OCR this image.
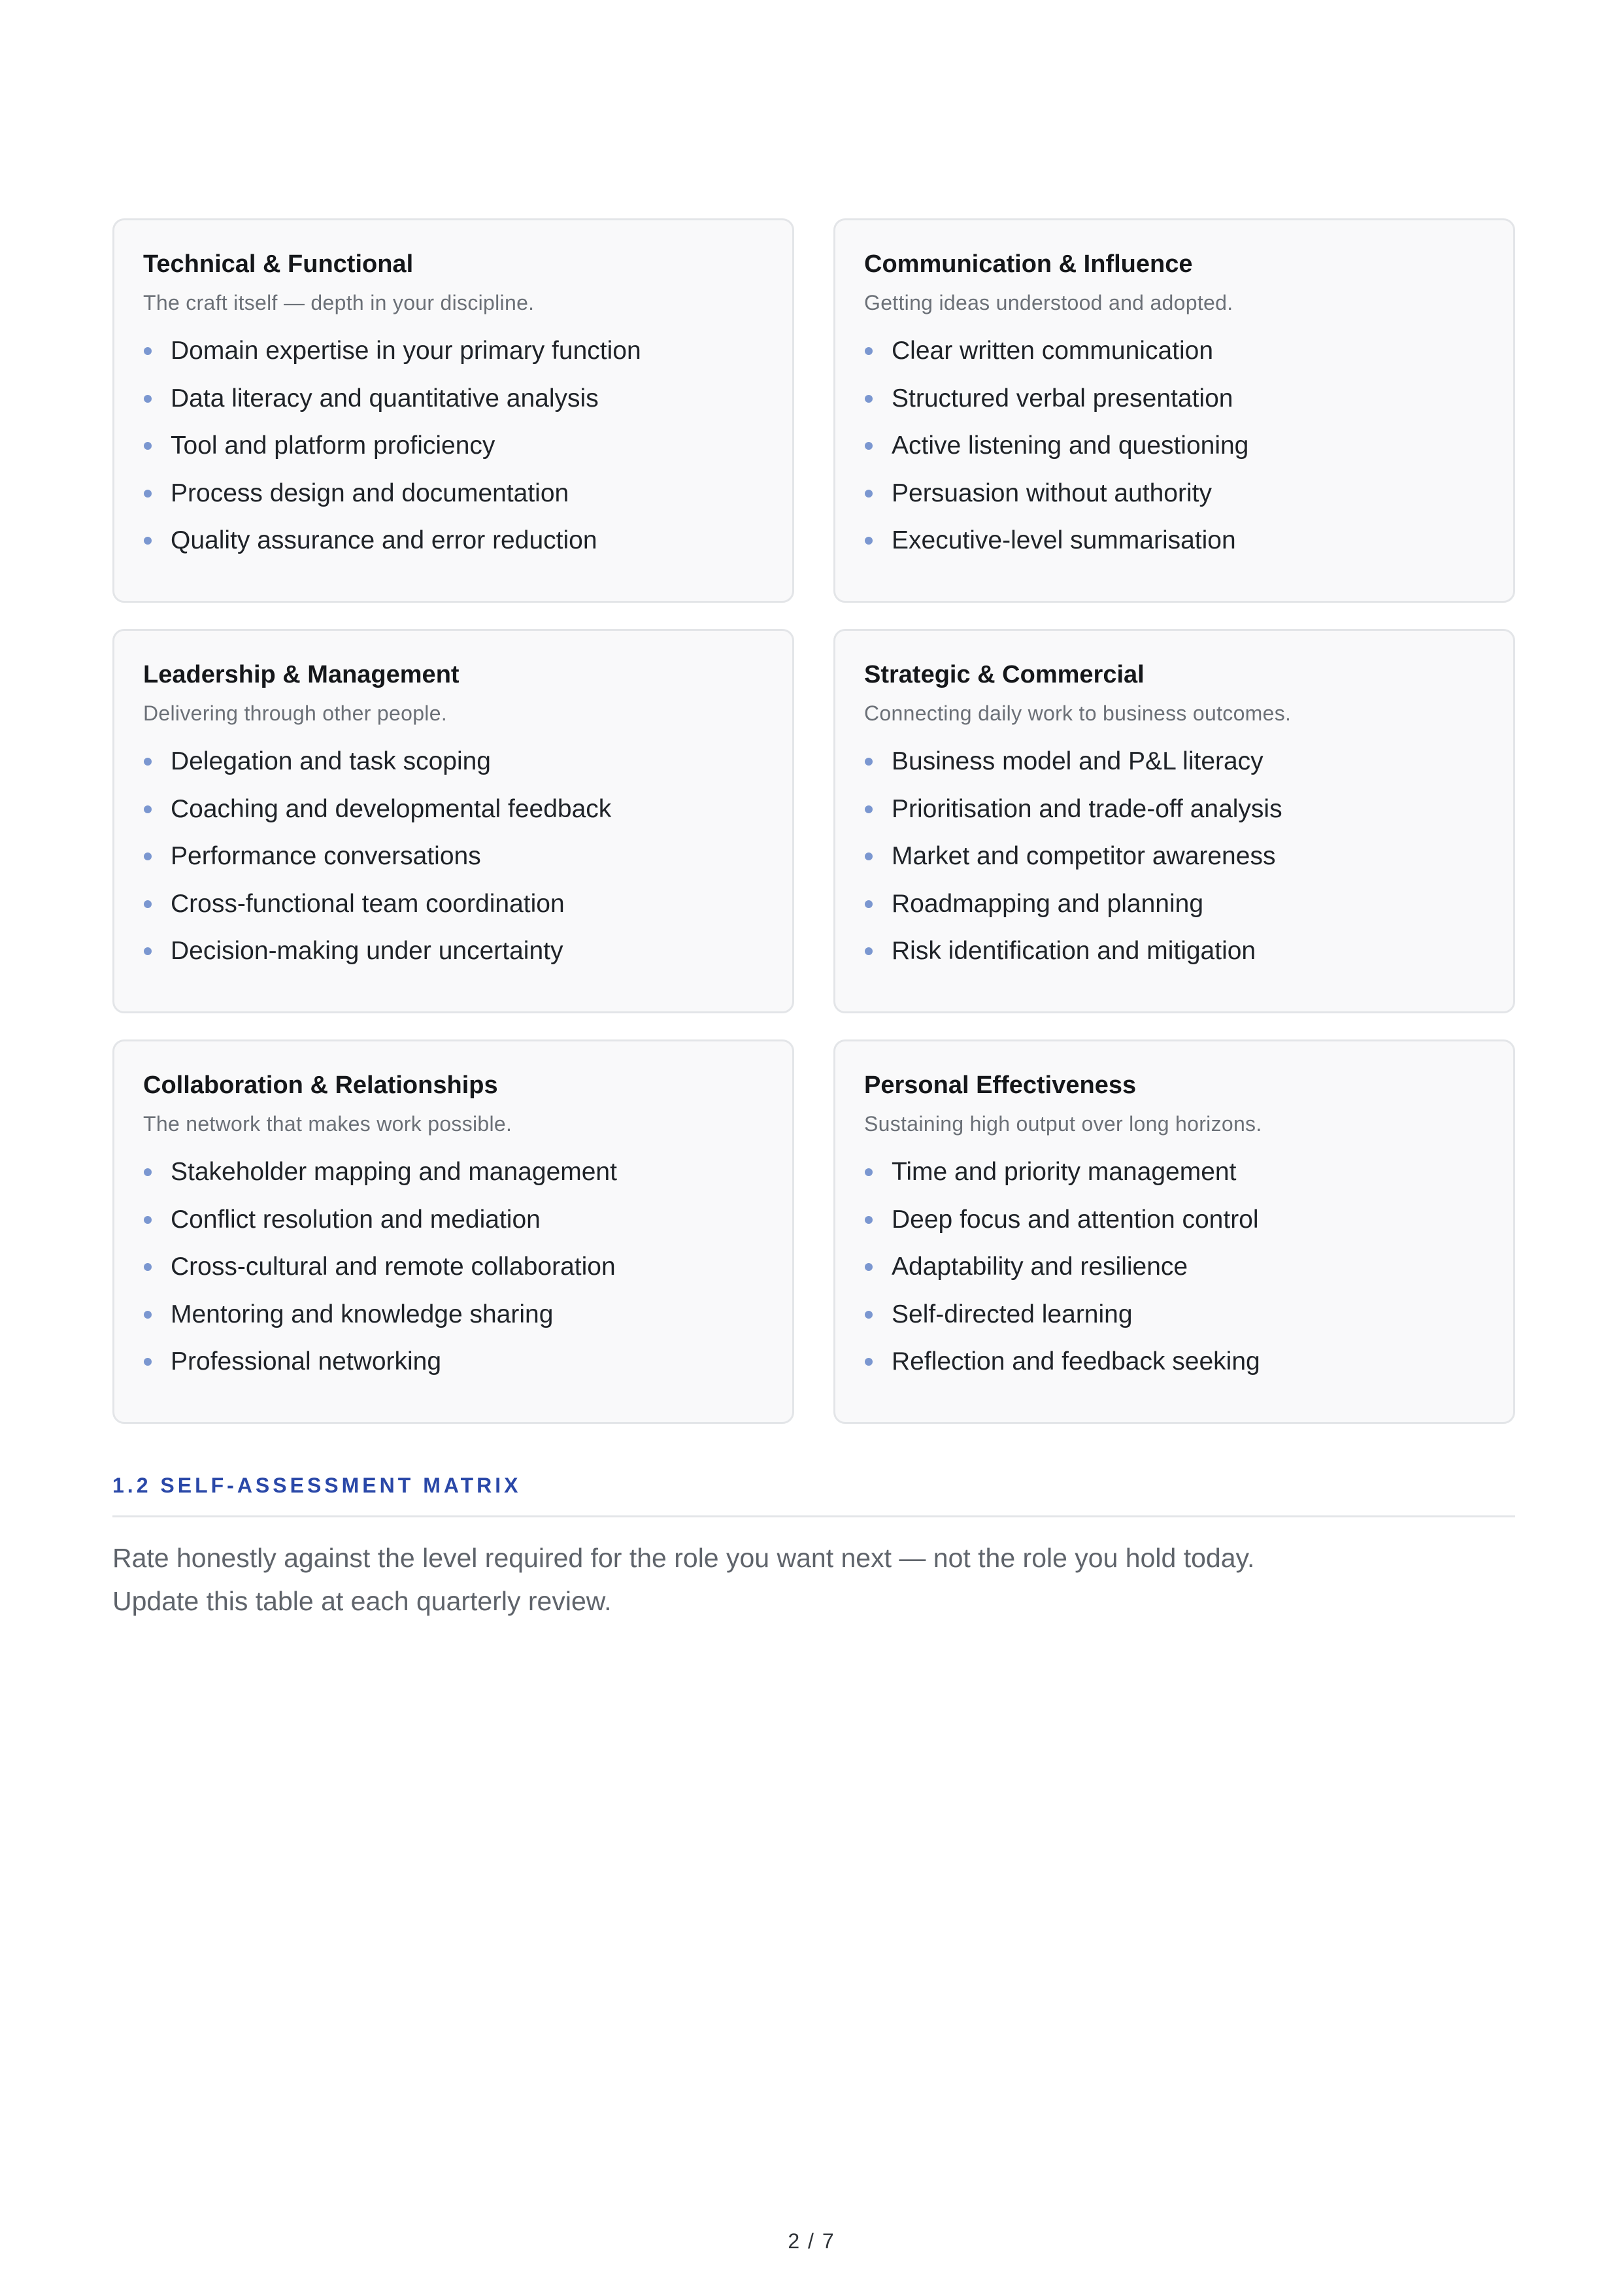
Technical & Functional
The craft itself — depth in your discipline.
Domain expertise in your primary function
Data literacy and quantitative analysis
Tool and platform proficiency
Process design and documentation
Quality assurance and error reduction
Communication & Influence
Getting ideas understood and adopted.
Clear written communication
Structured verbal presentation
Active listening and questioning
Persuasion without authority
Executive-level summarisation
Leadership & Management
Delivering through other people.
Delegation and task scoping
Coaching and developmental feedback
Performance conversations
Cross-functional team coordination
Decision-making under uncertainty
Strategic & Commercial
Connecting daily work to business outcomes.
Business model and P&L literacy
Prioritisation and trade-off analysis
Market and competitor awareness
Roadmapping and planning
Risk identification and mitigation
Collaboration & Relationships
The network that makes work possible.
Stakeholder mapping and management
Conflict resolution and mediation
Cross-cultural and remote collaboration
Mentoring and knowledge sharing
Professional networking
Personal Effectiveness
Sustaining high output over long horizons.
Time and priority management
Deep focus and attention control
Adaptability and resilience
Self-directed learning
Reflection and feedback seeking
1.2 SELF-ASSESSMENT MATRIX
Rate honestly against the level required for the role you want next — not the role you hold today. Update this table at each quarterly review.
2 / 7
